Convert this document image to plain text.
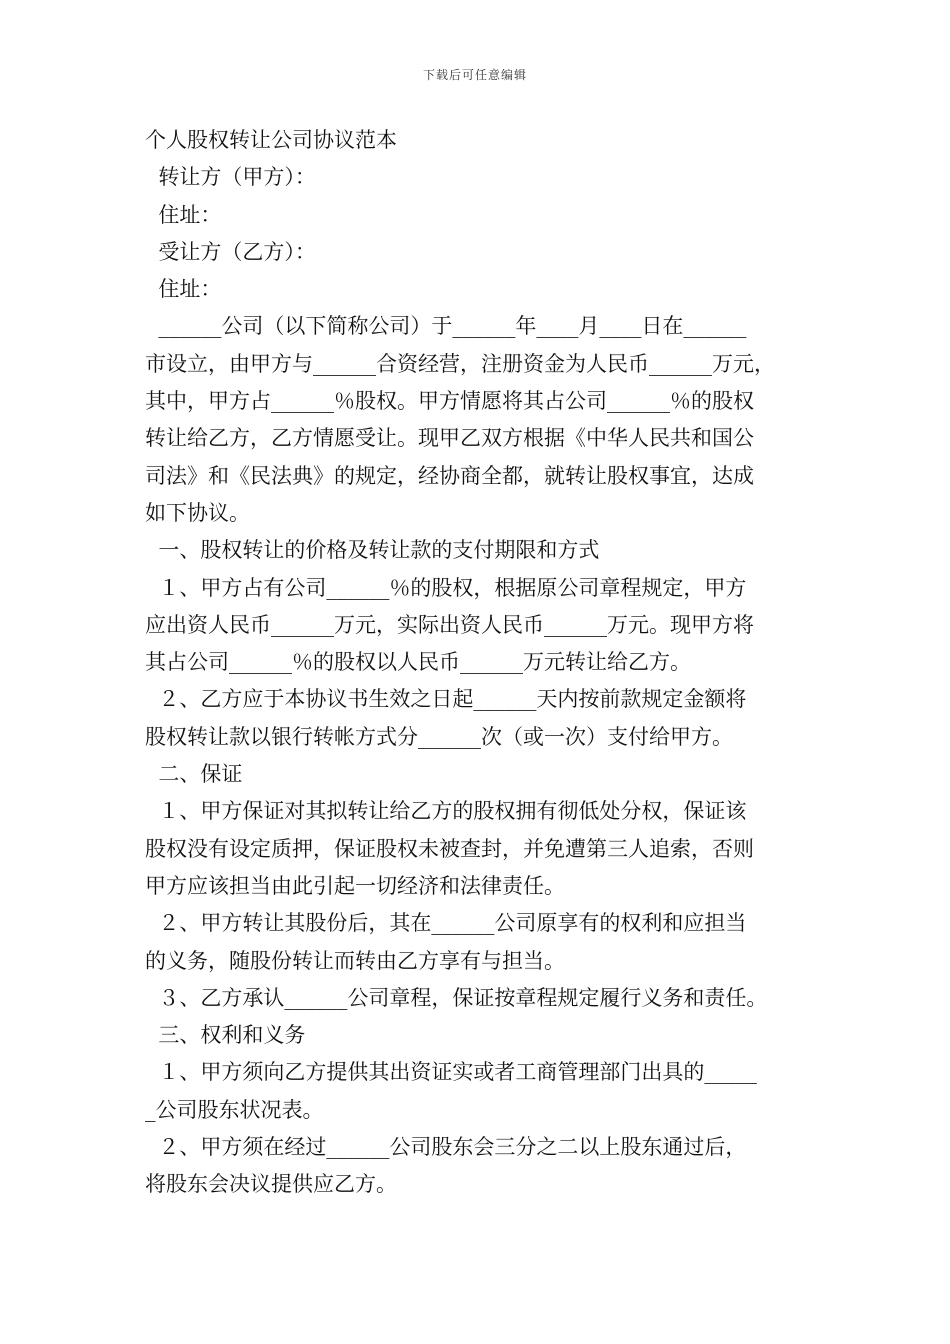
下载后可任意编辑
个人股权转让公司协议范本
转让方（甲方）：
住址：
受让方（乙方）：
住址：
______公司（以下简称公司）于______年____月____日在______
市设立，由甲方与______合资经营，注册资金为人民币______万元，
其中，甲方占______％股权。甲方情愿将其占公司______％的股权
转让给乙方，乙方情愿受让。现甲乙双方根据《中华人民共和国公
司法》和《民法典》的规定，经协商全都，就转让股权事宜，达成
如下协议。
一、股权转让的价格及转让款的支付期限和方式
１、甲方占有公司______％的股权，根据原公司章程规定，甲方
应出资人民币______万元，实际出资人民币______万元。现甲方将
其占公司______％的股权以人民币______万元转让给乙方。
２、乙方应于本协议书生效之日起______天内按前款规定金额将
股权转让款以银行转帐方式分______次（或一次）支付给甲方。
二、保证
１、甲方保证对其拟转让给乙方的股权拥有彻低处分权，保证该
股权没有设定质押，保证股权未被查封，并免遭第三人追索，否则
甲方应该担当由此引起一切经济和法律责任。
２、甲方转让其股份后，其在______公司原享有的权利和应担当
的义务，随股份转让而转由乙方享有与担当。
３、乙方承认______公司章程，保证按章程规定履行义务和责任。
三、权利和义务
１、甲方须向乙方提供其出资证实或者工商管理部门出具的_____
_公司股东状况表。
２、甲方须在经过______公司股东会三分之二以上股东通过后，
将股东会决议提供应乙方。
